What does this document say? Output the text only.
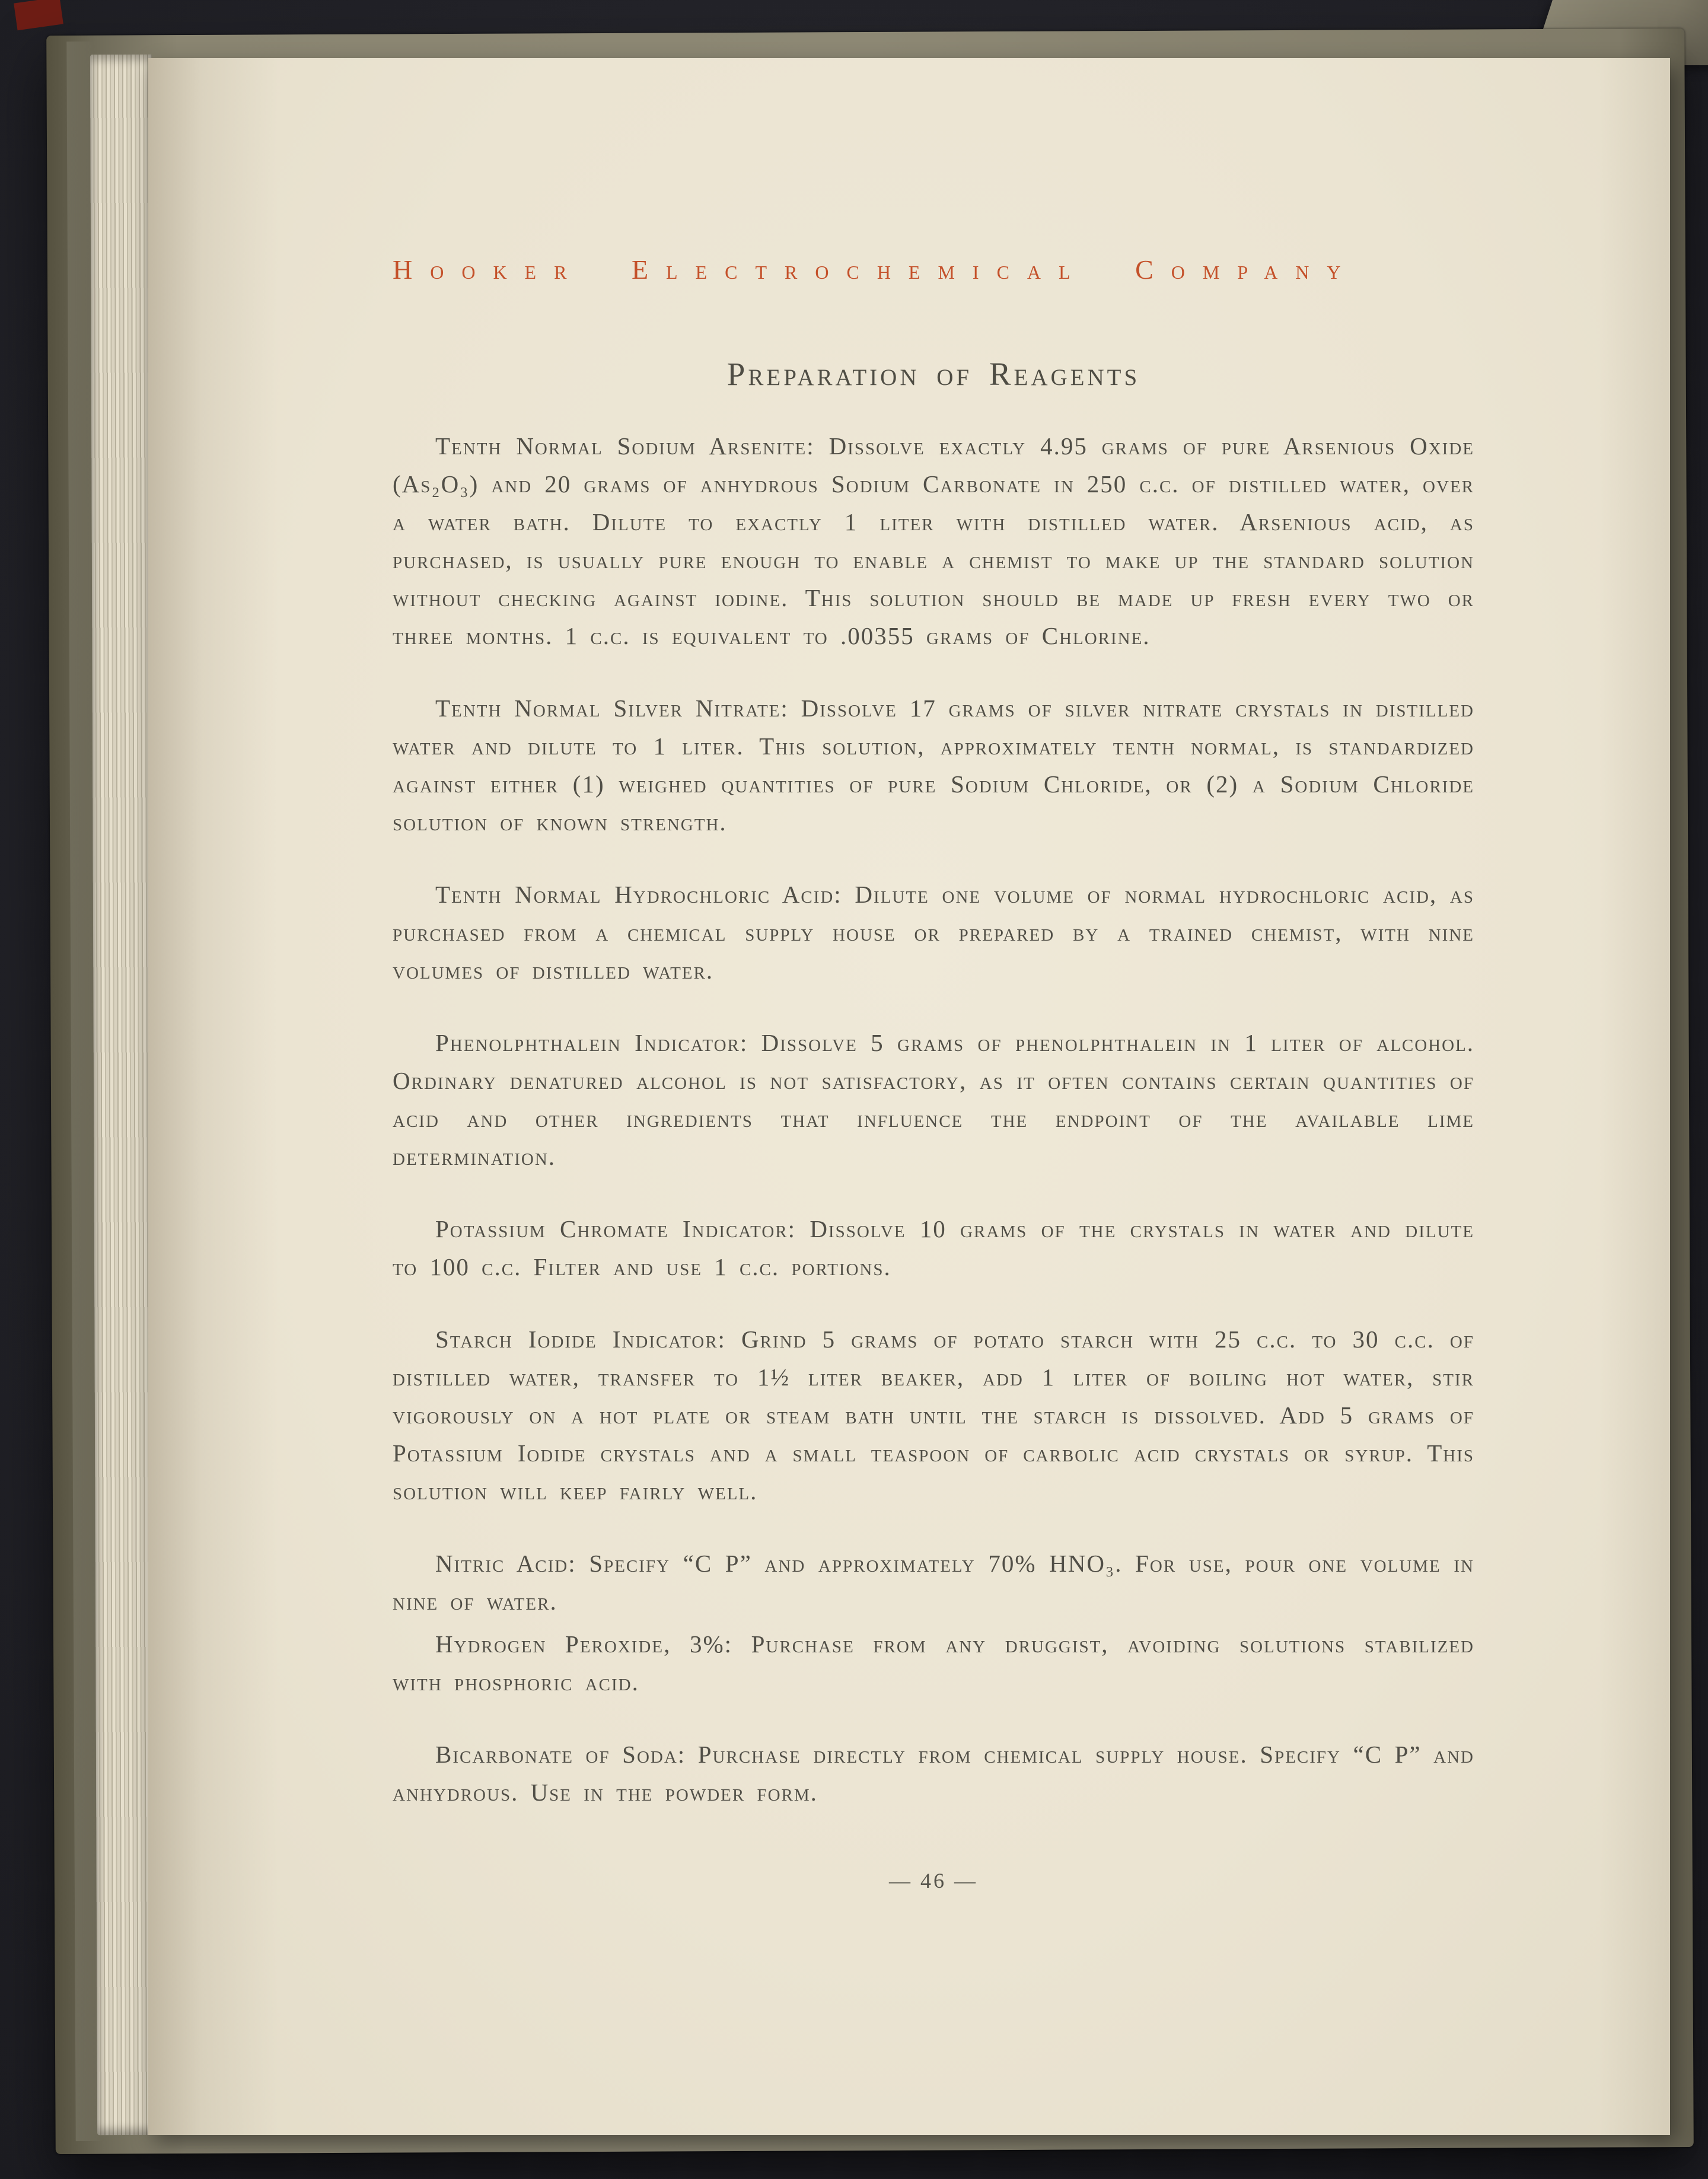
Hooker Electrochemical Company
Preparation of Reagents

Tenth Normal Sodium Arsenite: Dissolve exactly 4.95 grams of pure Arsenious Oxide (As₂O₃) and 20 grams of anhydrous Sodium Carbonate in 250 c.c. of distilled water, over a water bath. Dilute to exactly 1 liter with distilled water. Arsenious acid, as purchased, is usually pure enough to enable a chemist to make up the standard solution without checking against iodine. This solution should be made up fresh every two or three months. 1 c.c. is equivalent to .00355 grams of Chlorine.

Tenth Normal Silver Nitrate: Dissolve 17 grams of silver nitrate crystals in distilled water and dilute to 1 liter. This solution, approximately tenth normal, is standardized against either (1) weighed quantities of pure Sodium Chloride, or (2) a Sodium Chloride solution of known strength.

Tenth Normal Hydrochloric Acid: Dilute one volume of normal hydrochloric acid, as purchased from a chemical supply house or prepared by a trained chemist, with nine volumes of distilled water.

Phenolphthalein Indicator: Dissolve 5 grams of phenolphthalein in 1 liter of alcohol. Ordinary denatured alcohol is not satisfactory, as it often contains certain quantities of acid and other ingredients that influence the endpoint of the available lime determination.

Potassium Chromate Indicator: Dissolve 10 grams of the crystals in water and dilute to 100 c.c. Filter and use 1 c.c. portions.

Starch Iodide Indicator: Grind 5 grams of potato starch with 25 c.c. to 30 c.c. of distilled water, transfer to 1½ liter beaker, add 1 liter of boiling hot water, stir vigorously on a hot plate or steam bath until the starch is dissolved. Add 5 grams of Potassium Iodide crystals and a small teaspoon of carbolic acid crystals or syrup. This solution will keep fairly well.

Nitric Acid: Specify “C P” and approximately 70% HNO₃. For use, pour one volume in nine of water.

Hydrogen Peroxide, 3%: Purchase from any druggist, avoiding solutions stabilized with phosphoric acid.

Bicarbonate of Soda: Purchase directly from chemical supply house. Specify “C P” and anhydrous. Use in the powder form.

— 46 —
